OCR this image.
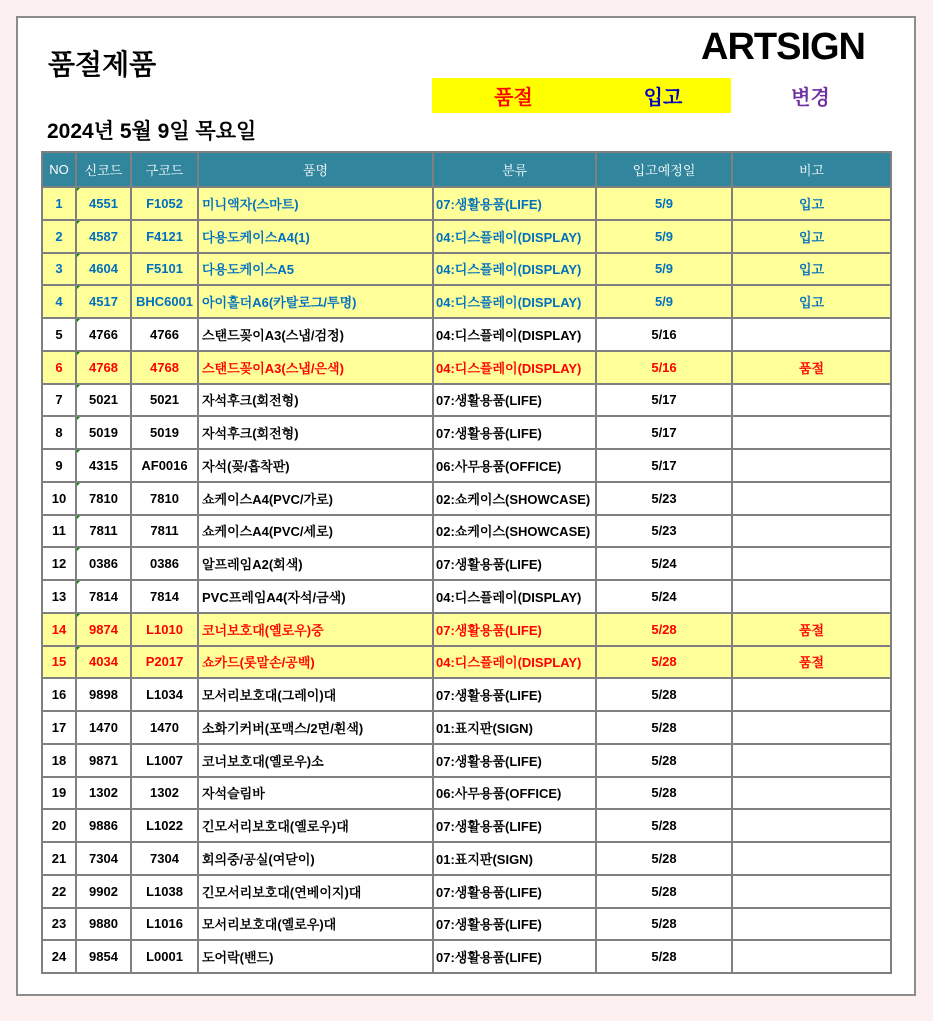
품절제품	ARTSIGN
품절	입고	변경
2024년 5월 9일 목요일
NO	신코드	구코드	품명	분류	입고예정일	비고
1	4551	F1052	미니액자(스마트)	07:생활용품(LIFE)	5/9	입고
2	4587	F4121	다용도케이스A4(1)	04:디스플레이(DISPLAY)	5/9	입고
3	4604	F5101	다용도케이스A5	04:디스플레이(DISPLAY)	5/9	입고
4	4517	BHC6001	아이홀더A6(카탈로그/투명)	04:디스플레이(DISPLAY)	5/9	입고
5	4766	4766	스탠드꽂이A3(스냅/검정)	04:디스플레이(DISPLAY)	5/16	
6	4768	4768	스탠드꽂이A3(스냅/은색)	04:디스플레이(DISPLAY)	5/16	품절
7	5021	5021	자석후크(회전형)	07:생활용품(LIFE)	5/17	
8	5019	5019	자석후크(회전형)	07:생활용품(LIFE)	5/17	
9	4315	AF0016	자석(꽂/흡착판)	06:사무용품(OFFICE)	5/17	
10	7810	7810	쇼케이스A4(PVC/가로)	02:쇼케이스(SHOWCASE)	5/23	
11	7811	7811	쇼케이스A4(PVC/세로)	02:쇼케이스(SHOWCASE)	5/23	
12	0386	0386	알프레임A2(회색)	07:생활용품(LIFE)	5/24	
13	7814	7814	PVC프레임A4(자석/금색)	04:디스플레이(DISPLAY)	5/24	
14	9874	L1010	코너보호대(옐로우)중	07:생활용품(LIFE)	5/28	품절
15	4034	P2017	쇼카드(롯말손/공백)	04:디스플레이(DISPLAY)	5/28	품절
16	9898	L1034	모서리보호대(그레이)대	07:생활용품(LIFE)	5/28	
17	1470	1470	소화기커버(포맥스/2면/흰색)	01:표지판(SIGN)	5/28	
18	9871	L1007	코너보호대(옐로우)소	07:생활용품(LIFE)	5/28	
19	1302	1302	자석슬림바	06:사무용품(OFFICE)	5/28	
20	9886	L1022	긴모서리보호대(옐로우)대	07:생활용품(LIFE)	5/28	
21	7304	7304	회의중/공실(여닫이)	01:표지판(SIGN)	5/28	
22	9902	L1038	긴모서리보호대(연베이지)대	07:생활용품(LIFE)	5/28	
23	9880	L1016	모서리보호대(옐로우)대	07:생활용품(LIFE)	5/28	
24	9854	L0001	도어락(밴드)	07:생활용품(LIFE)	5/28	
